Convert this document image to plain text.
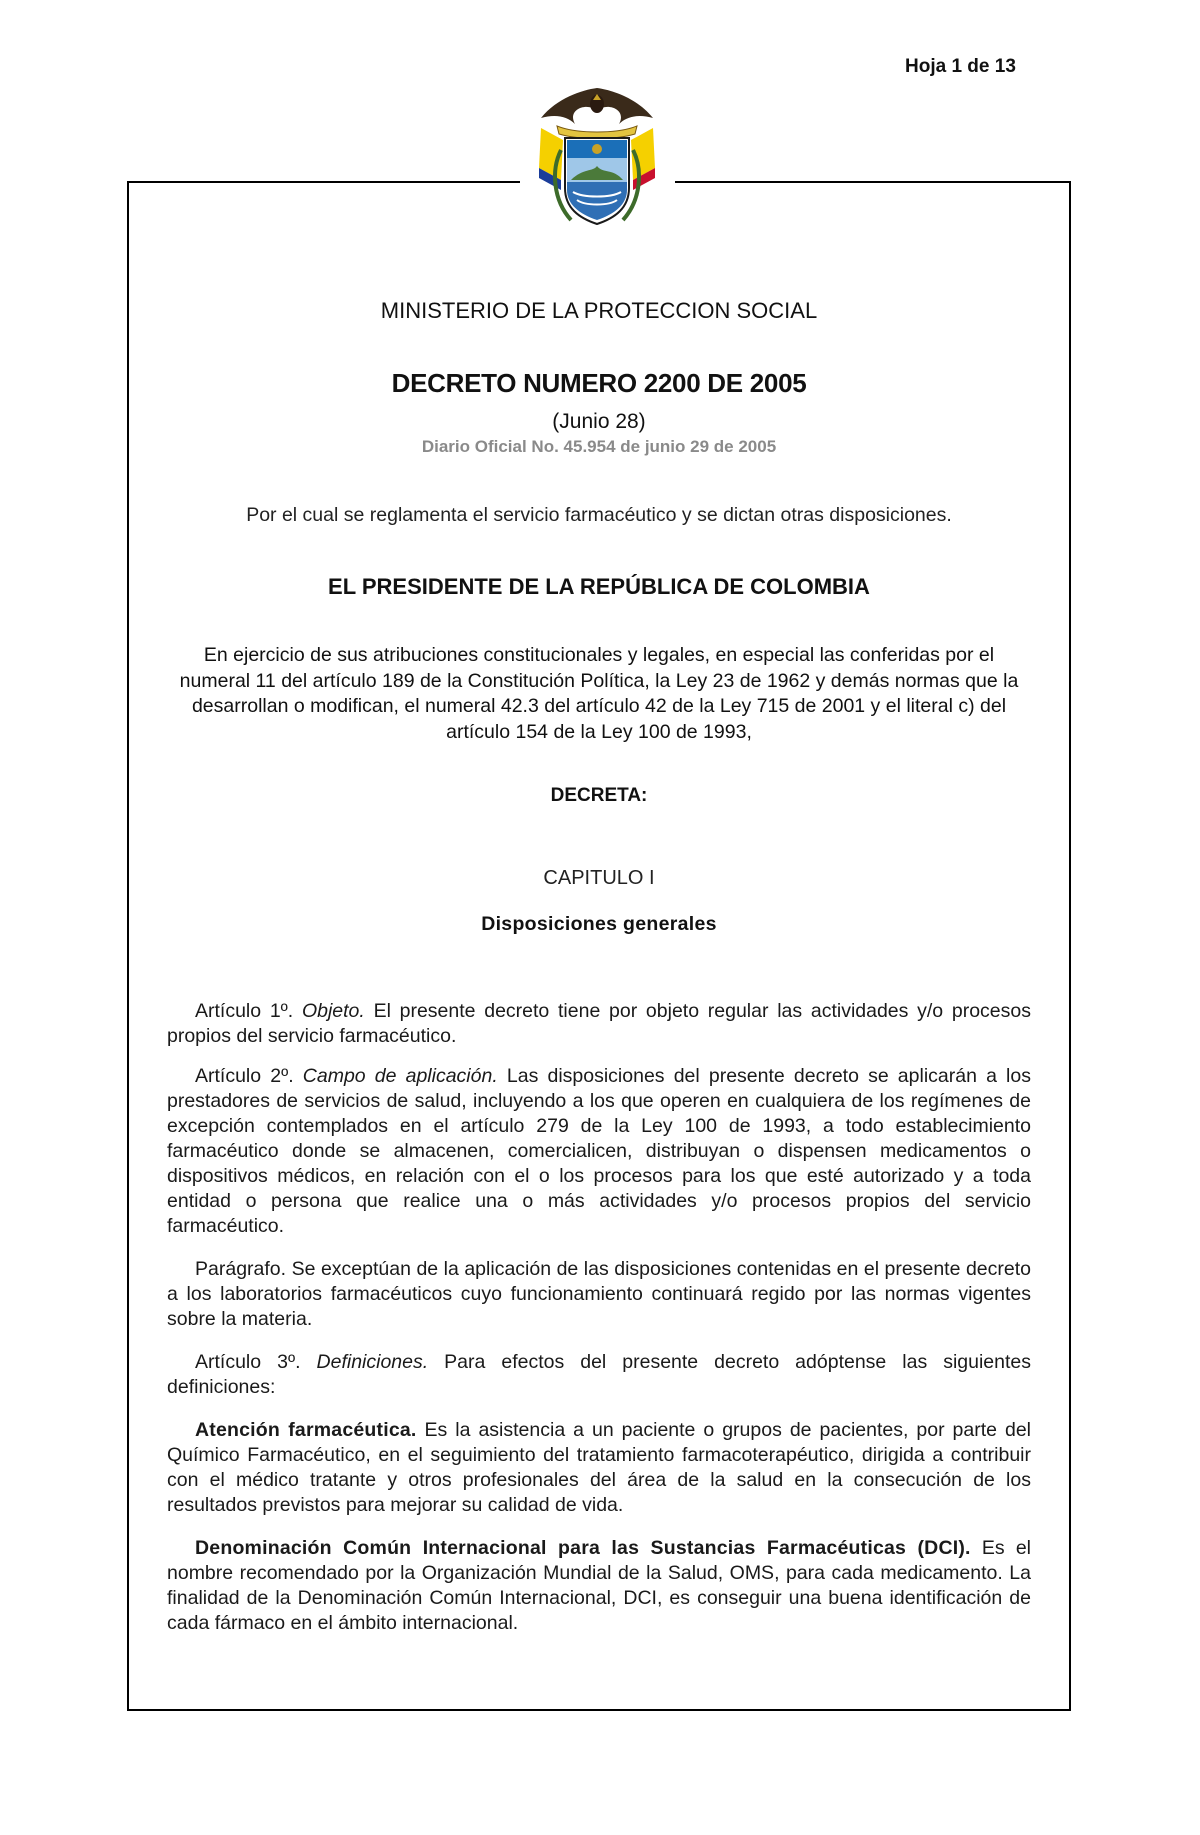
Hoja 1 de 13
MINISTERIO DE LA PROTECCION SOCIAL
DECRETO NUMERO 2200 DE 2005
(Junio 28)
Diario Oficial No. 45.954 de junio 29 de 2005
Por el cual se reglamenta el servicio farmacéutico y se dictan otras disposiciones.
EL PRESIDENTE DE LA REPÚBLICA DE COLOMBIA
En ejercicio de sus atribuciones constitucionales y legales, en especial las conferidas por el numeral 11 del artículo 189 de la Constitución Política, la Ley 23 de 1962 y demás normas que la desarrollan o modifican, el numeral 42.3 del artículo 42 de la Ley 715 de 2001 y el literal c) del artículo 154 de la Ley 100 de 1993,
DECRETA:
CAPITULO I
Disposiciones generales

Artículo 1º. Objeto. El presente decreto tiene por objeto regular las actividades y/o procesos propios del servicio farmacéutico.

Artículo 2º. Campo de aplicación. Las disposiciones del presente decreto se aplicarán a los prestadores de servicios de salud, incluyendo a los que operen en cualquiera de los regímenes de excepción contemplados en el artículo 279 de la Ley 100 de 1993, a todo establecimiento farmacéutico donde se almacenen, comercialicen, distribuyan o dispensen medicamentos o dispositivos médicos, en relación con el o los procesos para los que esté autorizado y a toda entidad o persona que realice una o más actividades y/o procesos propios del servicio farmacéutico.

Parágrafo. Se exceptúan de la aplicación de las disposiciones contenidas en el presente decreto a los laboratorios farmacéuticos cuyo funcionamiento continuará regido por las normas vigentes sobre la materia.

Artículo 3º. Definiciones. Para efectos del presente decreto adóptense las siguientes definiciones:

Atención farmacéutica. Es la asistencia a un paciente o grupos de pacientes, por parte del Químico Farmacéutico, en el seguimiento del tratamiento farmacoterapéutico, dirigida a contribuir con el médico tratante y otros profesionales del área de la salud en la consecución de los resultados previstos para mejorar su calidad de vida.

Denominación Común Internacional para las Sustancias Farmacéuticas (DCI). Es el nombre recomendado por la Organización Mundial de la Salud, OMS, para cada medicamento. La finalidad de la Denominación Común Internacional, DCI, es conseguir una buena identificación de cada fármaco en el ámbito internacional.
